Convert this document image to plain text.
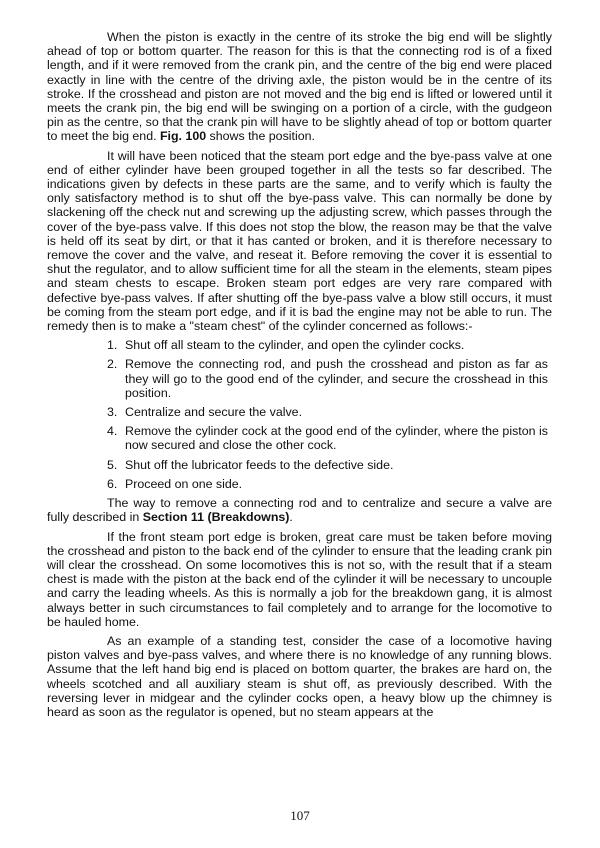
When the piston is exactly in the centre of its stroke the big end will be slightly ahead of top or bottom quarter. The reason for this is that the connecting rod is of a fixed length, and if it were removed from the crank pin, and the centre of the big end were placed exactly in line with the centre of the driving axle, the piston would be in the centre of its stroke. If the crosshead and piston are not moved and the big end is lifted or lowered until it meets the crank pin, the big end will be swinging on a portion of a circle, with the gudgeon pin as the centre, so that the crank pin will have to be slightly ahead of top or bottom quarter to meet the big end. Fig. 100 shows the position.

It will have been noticed that the steam port edge and the bye-pass valve at one end of either cylinder have been grouped together in all the tests so far described. The indications given by defects in these parts are the same, and to verify which is faulty the only satisfactory method is to shut off the bye-pass valve. This can normally be done by slackening off the check nut and screwing up the adjusting screw, which passes through the cover of the bye-pass valve. If this does not stop the blow, the reason may be that the valve is held off its seat by dirt, or that it has canted or broken, and it is therefore necessary to remove the cover and the valve, and reseat it. Before removing the cover it is essential to shut the regulator, and to allow sufficient time for all the steam in the elements, steam pipes and steam chests to escape. Broken steam port edges are very rare compared with defective bye-pass valves. If after shutting off the bye-pass valve a blow still occurs, it must be coming from the steam port edge, and if it is bad the engine may not be able to run. The remedy then is to make a "steam chest" of the cylinder concerned as follows:-

1. Shut off all steam to the cylinder, and open the cylinder cocks.
2. Remove the connecting rod, and push the crosshead and piston as far as they will go to the good end of the cylinder, and secure the crosshead in this position.
3. Centralize and secure the valve.
4. Remove the cylinder cock at the good end of the cylinder, where the piston is now secured and close the other cock.
5. Shut off the lubricator feeds to the defective side.
6. Proceed on one side.

The way to remove a connecting rod and to centralize and secure a valve are fully described in Section 11 (Breakdowns).

If the front steam port edge is broken, great care must be taken before moving the crosshead and piston to the back end of the cylinder to ensure that the leading crank pin will clear the crosshead. On some locomotives this is not so, with the result that if a steam chest is made with the piston at the back end of the cylinder it will be necessary to uncouple and carry the leading wheels. As this is normally a job for the breakdown gang, it is almost always better in such circumstances to fail completely and to arrange for the locomotive to be hauled home.

As an example of a standing test, consider the case of a locomotive having piston valves and bye-pass valves, and where there is no knowledge of any running blows. Assume that the left hand big end is placed on bottom quarter, the brakes are hard on, the wheels scotched and all auxiliary steam is shut off, as previously described. With the reversing lever in midgear and the cylinder cocks open, a heavy blow up the chimney is heard as soon as the regulator is opened, but no steam appears at the

107
